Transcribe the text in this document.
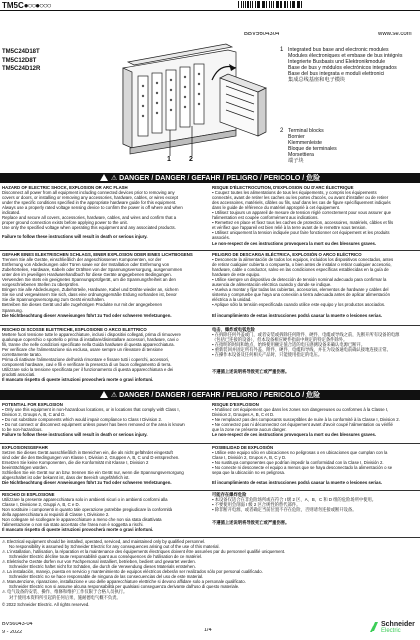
TM5C●○○●○○○
BBV5604304	www.se.com
TM5C24D18T
TM5C12D8T
TM5C24D12R
1	2
1 Integrated bus base and electronic modules

Modules électroniques et embase de bus intégrés

Integrierte Busbasis und Elektronikmodule

Base de bus y módulos electrónicos integrados

Base del bus integrata e moduli elettronici

集成总线基座和电子模块

2 Terminal blocks

Bornier

Klemmenleiste

Bloque de terminales

Morsettiera

端子块

⚠ DANGER / DANGER / GEFAHR / PELIGRO / PERICOLO / 危险

HAZARD OF ELECTRIC SHOCK, EXPLOSION OR ARC FLASH

Disconnect all power from all equipment including connected devices prior to removing any

covers or doors, or installing or removing any accessories, hardware, cables, or wires except

under the specific conditions specified in the appropriate hardware guide for this equipment.

Always use a properly rated voltage sensing device to confirm the power is off where and when

indicated.

Replace and secure all covers, accessories, hardware, cables, and wires and confirm that a

proper ground connection exists before applying power to the unit.

Use only the specified voltage when operating this equipment and any associated products.

Failure to follow these instructions will result in death or serious injury.

RISQUE D'ÉLECTROCUTION, D'EXPLOSION OU D'ARC ÉLECTRIQUE

▪ Coupez toutes les alimentations de tous les équipements, y compris les équipements

connectés, avant de retirer les caches ou les portes d'accès, ou avant d'installer ou de retirer

des accessoires, matériels, câbles ou fils, sauf dans les cas de figure spécifiquement indiqués

dans le guide de référence du matériel approprié à cet équipement.

▪ Utilisez toujours un appareil de mesure de tension réglé correctement pour vous assurer que

l'alimentation est coupée conformément aux indications.

▪ Remettez en place et fixez tous les caches de protection, accessoires, matériels, câbles et fils

et vérifiez que l'appareil est bien relié à la terre avant de le remettre sous tension.

▪ Utilisez uniquement la tension indiquée pour faire fonctionner cet équipement et les produits

associés.

Le non-respect de ces instructions provoquera la mort ou des blessures graves.

GEFAHR EINES ELEKTRISCHEN SCHLAGS, EINER EXPLOSION ODER EINES LICHTBOGENS

Trennen Sie alle Geräte, einschließlich der angeschlossenen Komponenten, vor der

Entfernung von Abdeckungen oder Türen sowie vor der Installation oder Entfernung von

Zubehörteilen, Hardware, Kabeln oder Drähten von der Spannungsversorgung, ausgenommen

unter den im jeweiligen Hardwarehandbuch für diese Geräte angegebenen Bedingungen.

Verwenden Sie stets ein geeignetes Spannungsprüfgerät, um die Spannungsfreiheit an den

vorgeschriebenen Stellen zu überprüfen.

Bringen Sie alle Abdeckungen, Zubehörteile, Hardware, Kabel und Drähte wieder an, sichern

Sie sie und vergewissern Sie sich, dass eine ordnungsgemäße Erdung vorhanden ist, bevor

Sie die Spannungsversorgung zum Gerät einschalten.

Betreiben Sie dieses Gerät und alle zugehörigen Produkte nur mit der angegebenen

Spannung.

Die Nichtbeachtung dieser Anweisungen führt zu Tod oder schweren Verletzungen.

PELIGRO DE DESCARGA ELÉCTRICA, EXPLOSIÓN O ARCO ELÉCTRICO

▪ Desconecte la alimentación de todos los equipos, incluidos los dispositivos conectados, antes

de retirar cualquier cubierta o compuerta, o bien antes de instalar o retirar cualquier accesorio,

hardware, cable o conductor, salvo en las condiciones específicas establecidas en la guía de

hardware de este equipo.

▪ Utilice siempre un dispositivo de detección de tensión nominal adecuado para confirmar la

ausencia de alimentación eléctrica cuando y donde se indique.

▪ Vuelva a montar y fijar todas las cubiertas, accesorios, elementos de hardware y cables del

sistema y compruebe que haya una conexión a tierra adecuada antes de aplicar alimentación

eléctrica a la unidad.

▪ Aplique sólo la tensión especificada cuando utilice este equipo y los productos asociados.

El incumplimiento de estas instrucciones podrá causar la muerte o lesiones serias.

RISCHIO DI SCOSSE ELETTRICHE, ESPLOSIONE O ARCO ELETTRICO

Mettere fuori tensione tutte le apparecchiature, inclusi i dispositivi collegati, prima di rimuovere

qualunque coperchio o sportello o prima di installare/disinstallare accessori, hardware, cavi o

fili, tranne che nelle condizioni specificate nella Guida hardware di questa apparecchiatura.

Per verificare che l'alimentazione sia esclusa, usare sempre un rilevatore di tensione

correttamente tarato.

Prima di riattivare l'alimentazione dell'unità rimontare e fissare tutti i coperchi, accessori,

componenti hardware, cavi e fili e verificare la presenza di un buon collegamento di terra.

Utilizzare solo la tensione specificata per il funzionamento di questa apparecchiatura e dei

prodotti associati.

Il mancato rispetto di queste istruzioni provocherà morte o gravi infortuni.

电击、爆炸或电弧危险

▪ 在拆除任何外盖或门，或者安装或拆除任何附件、硬件、电缆或导线之前，先断开所有设备的电源

（包括已连接的设备），但本设备相应硬件指南中规定的特定条件除外。

▪ 在指明的时间和地点，始终使用额定值合适的电压感测设备来确认电源已断开。

▪ 重新装回并固定所有外盖、附件、硬件、电缆和导线，并在为设备通电前确认接地连接正常。

▪ 在操作本设备及任何相关产品时，只能使用指定的电压。

不遵循上述说明将导致死亡或严重伤害。

⚠ DANGER / DANGER / GEFAHR / PELIGRO / PERICOLO / 危险

POTENTIAL FOR EXPLOSION

▪ Only use this equipment in non-hazardous locations, or in locations that comply with Class I,

Division 2, Groups A, B, C and D.

▪ Do not substitute components which would impair compliance to Class I Division 2.

▪ Do not connect or disconnect equipment unless power has been removed or the area is known

to be non-hazardous.

Failure to follow these instructions will result in death or serious injury.

RISQUE D'EXPLOSION

▪ N'utilisez cet équipement que dans les zones non dangereuses ou conformes à la Classe I,

Division 2, Groupes A, B, C et D.

▪ Ne remplacez pas des composants susceptibles de nuire à la conformité à la Classe I, Division 2.

▪ Ne connectez pas ni déconnectez cet équipement avant d'avoir coupé l'alimentation ou vérifié

que la zone ne présente aucun danger.

Le non-respect de ces instructions provoquera la mort ou des blessures graves.

EXPLOSIONSGEFAHR

Setzen Sie dieses Gerät ausschließlich in Bereichen ein, die als nicht gefährdet eingestuft

sind oder die den Bedingungen von Klasse I, Division 2, Gruppen A, B, C und D entsprechen.

Ersetzen Sie keine Komponenten, die die Konformität mit Klasse I, Division 2

beeinträchtigen würden.

Schließen Sie ein Gerät nur an bzw. trennen Sie ein Gerät nur, wenn die Spannungsversorgung

abgeschaltet ist oder bekannt ist, dass der Bereich ungefährlich ist.

Die Nichtbeachtung dieser Anweisungen führt zu Tod oder schweren Verletzungen.

POSIBILIDAD DE EXPLOSIÓN

▪ Utilice este equipo sólo en ubicaciones no peligrosas o en ubicaciones que cumplan con la

Clase I, División 2, Grupos A, B, C y D.

▪ No sustituya componentes que podrían impedir la conformidad con la Clase I, División 2.

▪ No conecte ni desconecte el equipo a menos que se haya desconectado la alimentación o se

sepa que la ubicación no es peligrosa.

El incumplimiento de estas instrucciones podrá causar la muerte o lesiones serias.

RISCHIO DI ESPLOSIONE

Utilizzare la presente apparecchiatura solo in ambienti sicuri o in ambienti conformi alla

Classe I, Divisione 2, Gruppi A, B, C e D.

Non sostituire i componenti in quanto tale operazione potrebbe pregiudicare la conformità

della apparecchiatura ai requisiti di Classe I, Divisione 2.

Non collegare né scollegare le apparecchiature a meno che non sia stata disattivata

l'alimentazione o non sia stato accertato che l'area non è soggetta a rischi.

Il mancato rispetto di queste istruzioni provocherà morte o gravi infortuni.

可能存在爆炸危险

▪ 本设备仅适合在非危险场所或在符合 I 级 2 区、A、B、C 和 D 组的危险场所中使用。

▪ 不要使用会削弱 I 级 2 区合规性的替代部件。

▪ 除非断开电源，或者确定当前位置不存在危险，否则请勿连接或断开设备。

不遵循上述说明将导致死亡或严重伤害。

⚠ Electrical equipment should be installed, operated, serviced, and maintained only by qualified personnel.

No responsibility is assumed by Schneider Electric for any consequences arising out of the use of this material.

⚠ L'installation, l'utilisation, la réparation et la maintenance des équipements électriques doivent être assurées par du personnel qualifié uniquement.

Schneider Electric décline toute responsabilité quant aux conséquences de l'utilisation de ce matériel.

⚠ Elektrische Geräte dürfen nur von Fachpersonal installiert, betrieben, bedient und gewartet werden.

Schneider Electric haftet nicht für Schäden, die durch die Verwendung dieses Materials entstehen.

⚠ La instalación, manejo, puesta en servicio y mantenimiento de equipos eléctricos deberán ser realizados sólo por personal cualificado.

Schneider Electric no se hace responsable de ninguna de las consecuencias del uso de este material.

⚠ Manutenzione, riparazione, installazione e uso delle apparecchiature elettriche si devono affidare solo a personale qualificato.

Schneider Electric non si assume alcuna responsabilità per qualsiasi conseguenza derivante dall'uso di questo materiale.

⚠ 电气设备的安装、操作、维修和维护工作仅限于合格人员执行。

对于使用本资料所引起的任何后果，施耐德电气概不负责。

© 2022 Schneider Electric. All rights reserved.

BV56043-04
9 - 2022	1/4
Schneider
Electric
